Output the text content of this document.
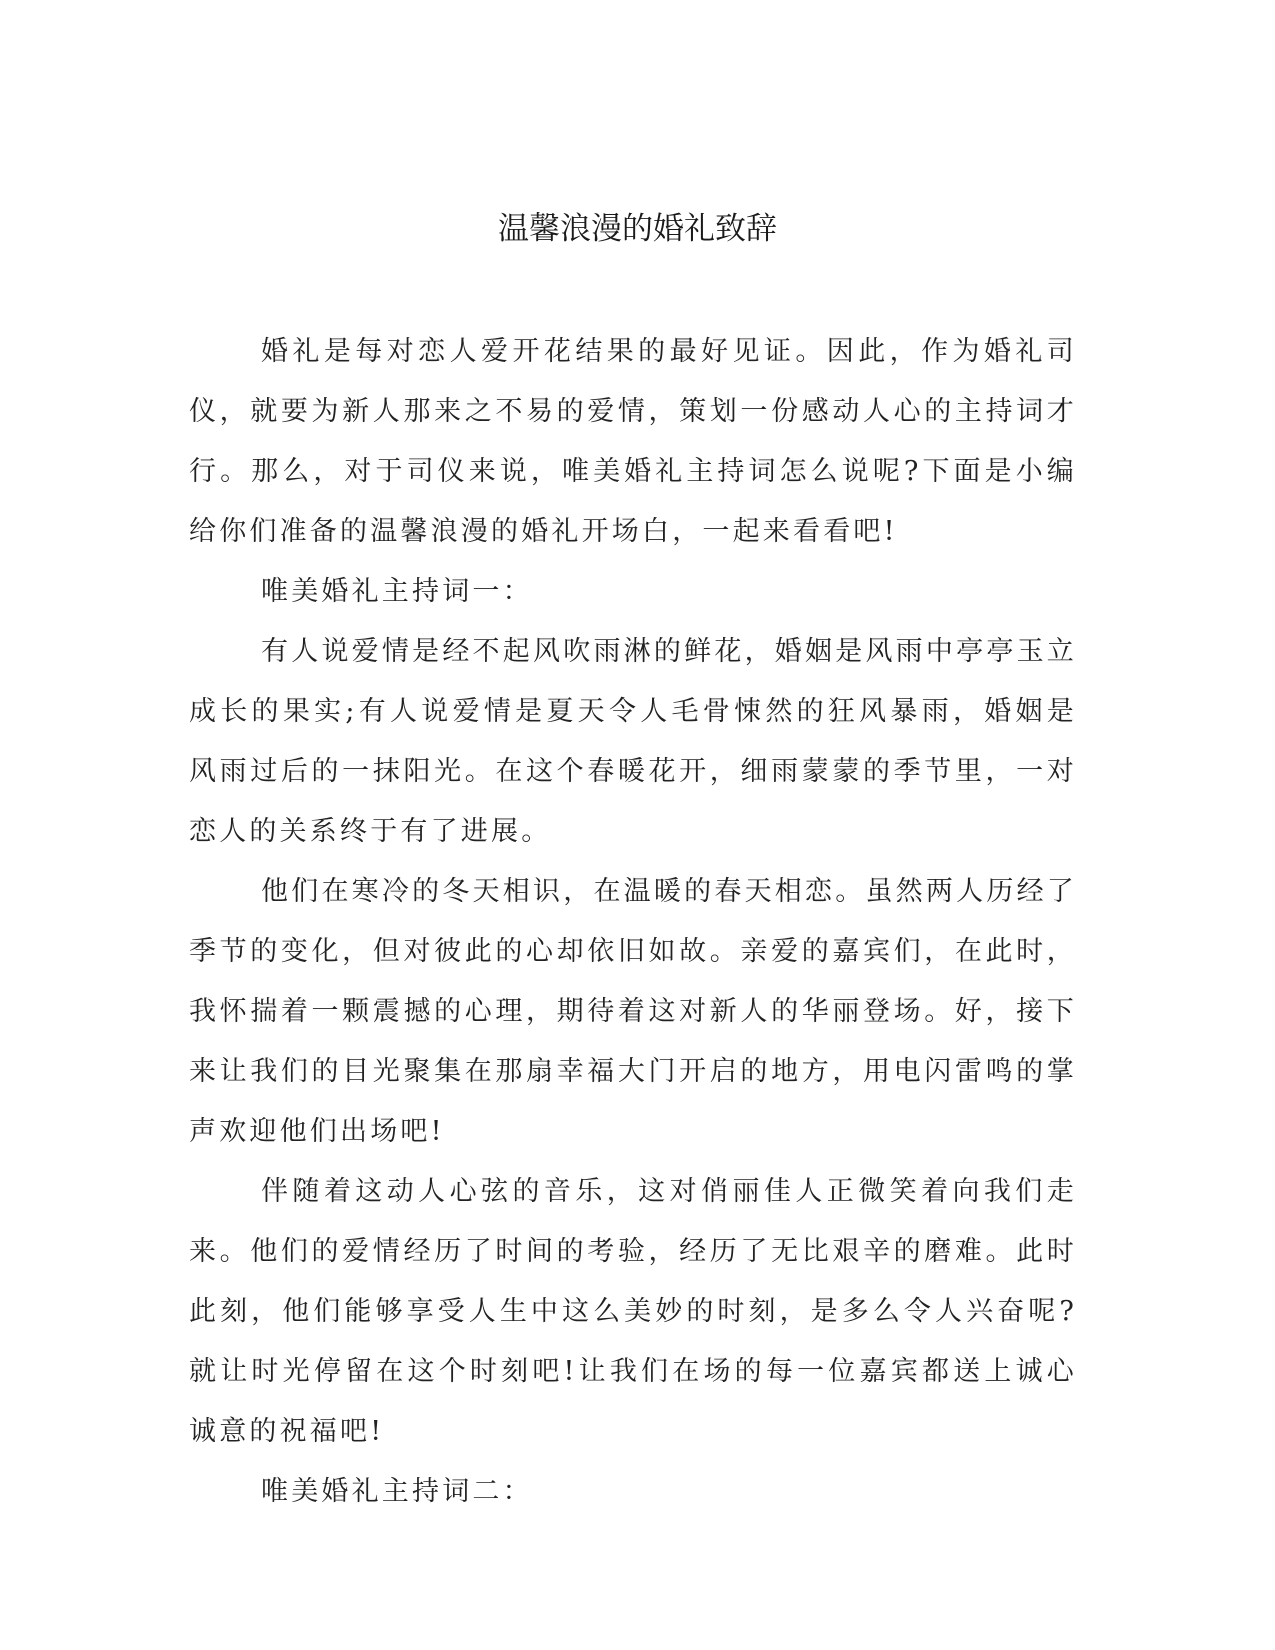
温馨浪漫的婚礼致辞

婚礼是每对恋人爱开花结果的最好见证。因此，作为婚礼司仪，就要为新人那来之不易的爱情，策划一份感动人心的主持词才行。那么，对于司仪来说，唯美婚礼主持词怎么说呢?下面是小编给你们准备的温馨浪漫的婚礼开场白，一起来看看吧!

唯美婚礼主持词一：

有人说爱情是经不起风吹雨淋的鲜花，婚姻是风雨中亭亭玉立成长的果实;有人说爱情是夏天令人毛骨悚然的狂风暴雨，婚姻是风雨过后的一抹阳光。在这个春暖花开，细雨蒙蒙的季节里，一对恋人的关系终于有了进展。

他们在寒冷的冬天相识，在温暖的春天相恋。虽然两人历经了季节的变化，但对彼此的心却依旧如故。亲爱的嘉宾们，在此时，我怀揣着一颗震撼的心理，期待着这对新人的华丽登场。好，接下来让我们的目光聚集在那扇幸福大门开启的地方，用电闪雷鸣的掌声欢迎他们出场吧!

伴随着这动人心弦的音乐，这对俏丽佳人正微笑着向我们走来。他们的爱情经历了时间的考验，经历了无比艰辛的磨难。此时此刻，他们能够享受人生中这么美妙的时刻，是多么令人兴奋呢?就让时光停留在这个时刻吧!让我们在场的每一位嘉宾都送上诚心诚意的祝福吧!

唯美婚礼主持词二：
